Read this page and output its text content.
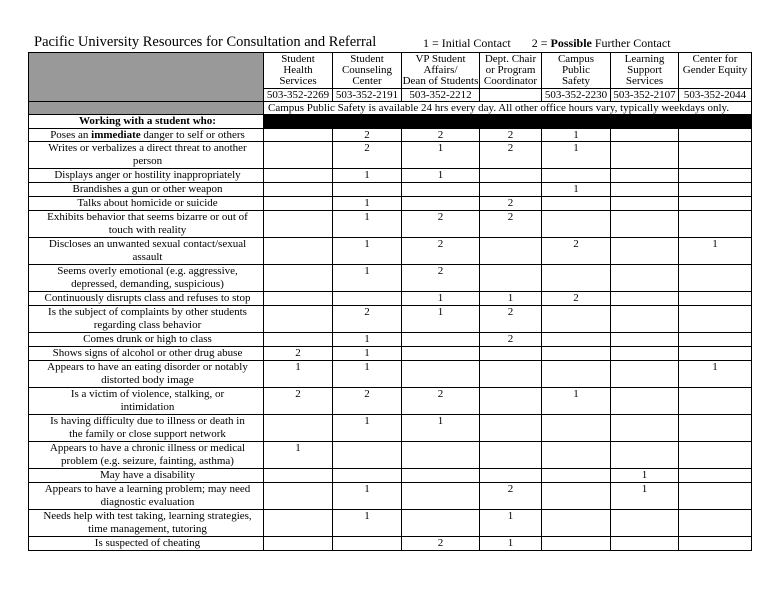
Pacific University Resources for Consultation and Referral	1 = Initial Contact 2 = Possible Further Contact

	Student
Health
Services	Student
Counseling
Center	VP Student
Affairs/
Dean of Students	Dept. Chair
or Program
Coordinator	Campus
Public
Safety	Learning
Support
Services	Center for
Gender Equity

	503-352-2269	503-352-2191	503-352-2212		503-352-2230	503-352-2107	503-352-2044
	Campus Public Safety is available 24 hrs every day. All other office hours vary, typically weekdays only.						
Working with a student who:							
Poses an immediate danger to self or others		2	2	2	1		

Writes or verbalizes a direct threat to another
person		2	1	2	1		

Displays anger or hostility inappropriately		1	1				

Brandishes a gun or other weapon					1		

Talks about homicide or suicide		1		2			

Exhibits behavior that seems bizarre or out of
touch with reality		1	2	2			

Discloses an unwanted sexual contact/sexual
assault		1	2		2		1

Seems overly emotional (e.g. aggressive,
depressed, demanding, suspicious)		1	2				

Continuously disrupts class and refuses to stop			1	1	2		

Is the subject of complaints by other students
regarding class behavior		2	1	2			

Comes drunk or high to class		1		2			

Shows signs of alcohol or other drug abuse	2	1					

Appears to have an eating disorder or notably
distorted body image	1	1					1

Is a victim of violence, stalking, or
intimidation	2	2	2		1		

Is having difficulty due to illness or death in
the family or close support network		1	1				

Appears to have a chronic illness or medical
problem (e.g. seizure, fainting, asthma)	1						

May have a disability						1	

Appears to have a learning problem; may need
diagnostic evaluation		1		2		1	

Needs help with test taking, learning strategies,
time management, tutoring		1		1			

Is suspected of cheating			2	1			
